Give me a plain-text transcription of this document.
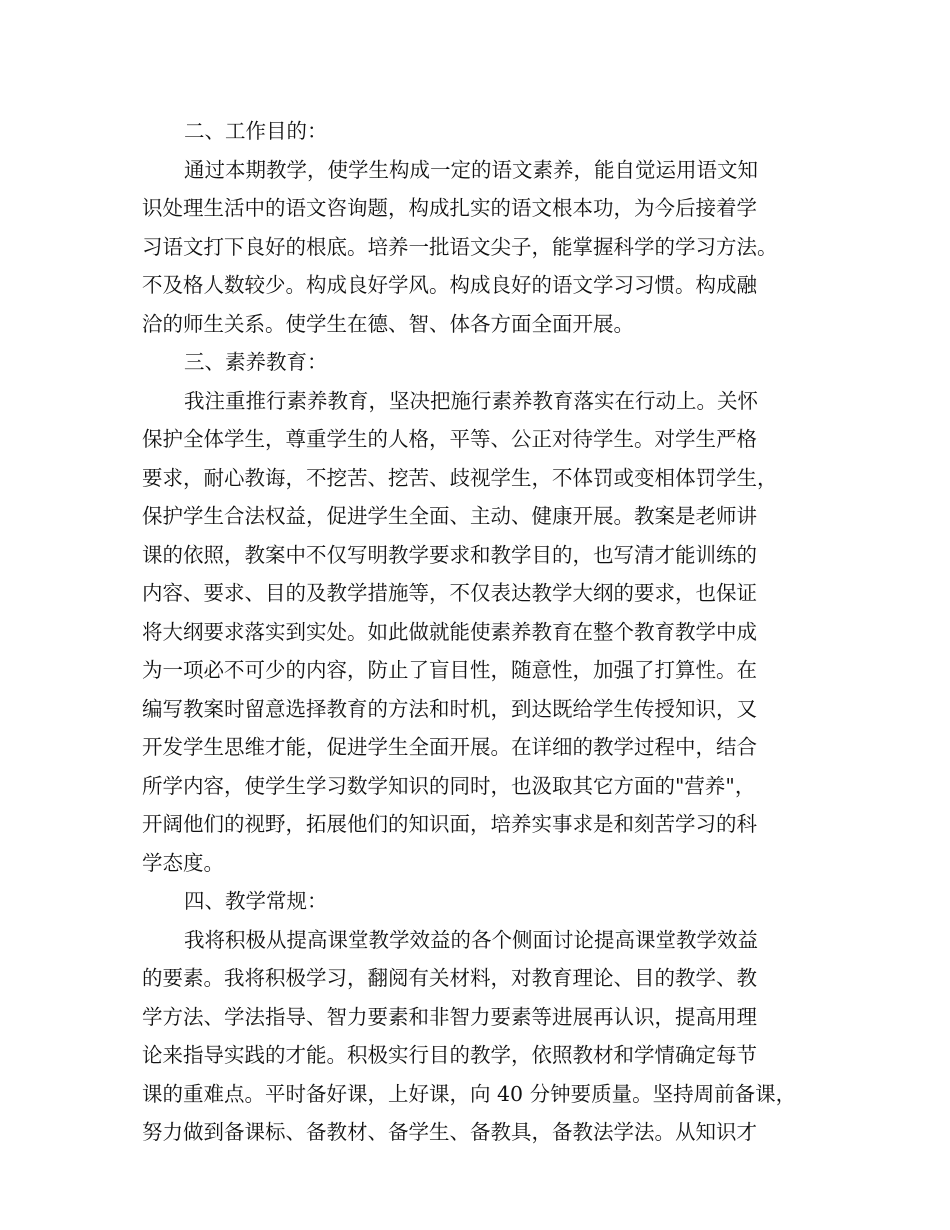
二、工作目的：
通过本期教学，使学生构成一定的语文素养，能自觉运用语文知
识处理生活中的语文咨询题，构成扎实的语文根本功，为今后接着学
习语文打下良好的根底。培养一批语文尖子，能掌握科学的学习方法。
不及格人数较少。构成良好学风。构成良好的语文学习习惯。构成融
洽的师生关系。使学生在德、智、体各方面全面开展。
三、素养教育：
我注重推行素养教育，坚决把施行素养教育落实在行动上。关怀
保护全体学生，尊重学生的人格，平等、公正对待学生。对学生严格
要求，耐心教诲，不挖苦、挖苦、歧视学生，不体罚或变相体罚学生，
保护学生合法权益，促进学生全面、主动、健康开展。教案是老师讲
课的依照，教案中不仅写明教学要求和教学目的，也写清才能训练的
内容、要求、目的及教学措施等，不仅表达教学大纲的要求，也保证
将大纲要求落实到实处。如此做就能使素养教育在整个教育教学中成
为一项必不可少的内容，防止了盲目性，随意性，加强了打算性。在
编写教案时留意选择教育的方法和时机，到达既给学生传授知识，又
开发学生思维才能，促进学生全面开展。在详细的教学过程中，结合
所学内容，使学生学习数学知识的同时，也汲取其它方面的"营养"，
开阔他们的视野，拓展他们的知识面，培养实事求是和刻苦学习的科
学态度。
四、教学常规：
我将积极从提高课堂教学效益的各个侧面讨论提高课堂教学效益
的要素。我将积极学习，翻阅有关材料，对教育理论、目的教学、教
学方法、学法指导、智力要素和非智力要素等进展再认识，提高用理
论来指导实践的才能。积极实行目的教学，依照教材和学情确定每节
课的重难点。平时备好课，上好课，向 40 分钟要质量。坚持周前备课，
努力做到备课标、备教材、备学生、备教具，备教法学法。从知识才
